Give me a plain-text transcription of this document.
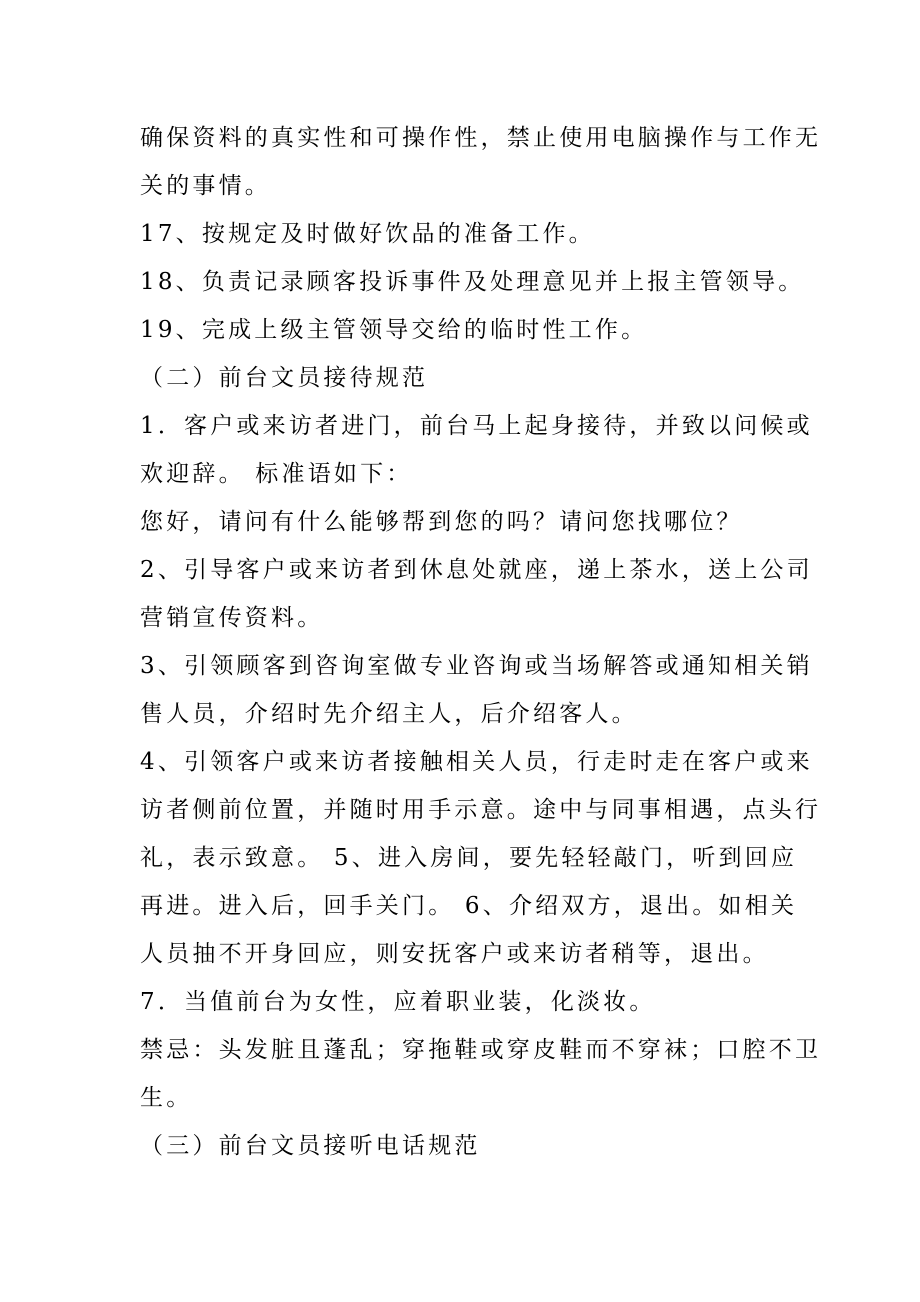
确保资料的真实性和可操作性，禁止使用电脑操作与工作无

关的事情。

17、按规定及时做好饮品的准备工作。

18、负责记录顾客投诉事件及处理意见并上报主管领导。

19、完成上级主管领导交给的临时性工作。

（二）前台文员接待规范

1．客户或来访者进门，前台马上起身接待，并致以问候或

欢迎辞。 标准语如下：

您好，请问有什么能够帮到您的吗？请问您找哪位？

2、引导客户或来访者到休息处就座，递上茶水，送上公司

营销宣传资料。

3、引领顾客到咨询室做专业咨询或当场解答或通知相关销

售人员，介绍时先介绍主人，后介绍客人。

4、引领客户或来访者接触相关人员，行走时走在客户或来

访者侧前位置，并随时用手示意。途中与同事相遇，点头行

礼，表示致意。 5、进入房间，要先轻轻敲门，听到回应

再进。进入后，回手关门。 6、介绍双方，退出。如相关

人员抽不开身回应，则安抚客户或来访者稍等，退出。

7．当值前台为女性，应着职业装，化淡妆。

禁忌：头发脏且蓬乱；穿拖鞋或穿皮鞋而不穿袜；口腔不卫

生。

（三）前台文员接听电话规范
